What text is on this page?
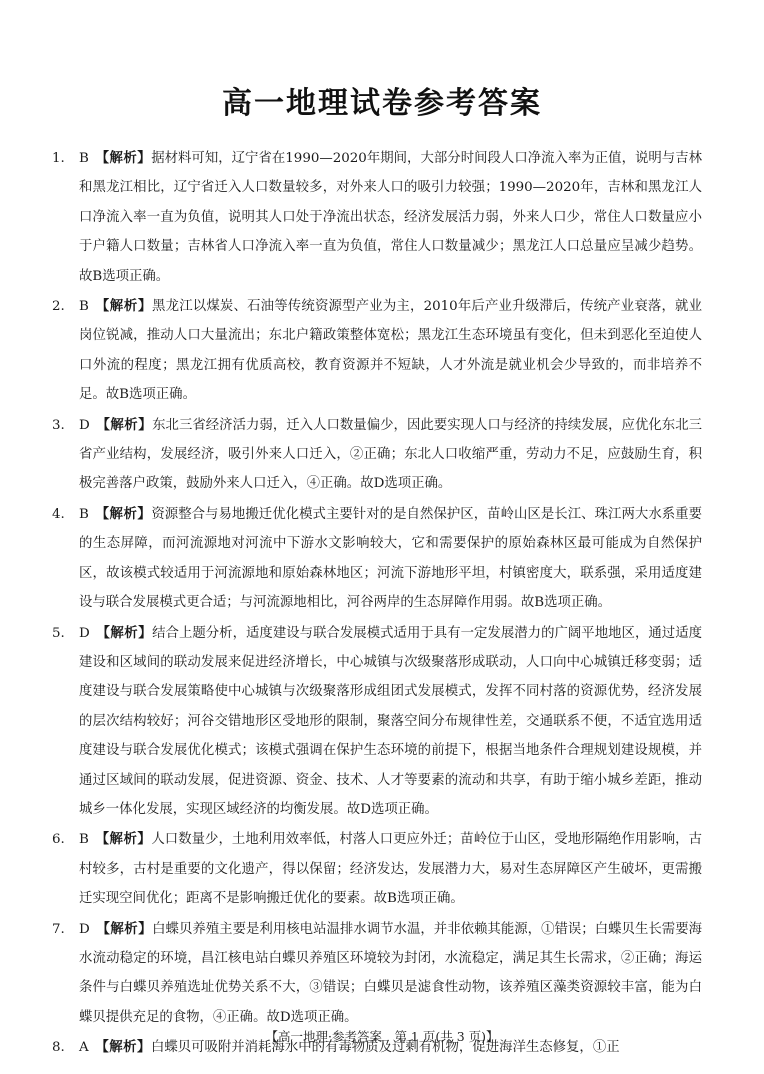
高一地理试卷参考答案

1. B  【解析】据材料可知，辽宁省在1990—2020年期间，大部分时间段人口净流入率为正值，说明与吉林和黑龙江相比，辽宁省迁入人口数量较多，对外来人口的吸引力较强；1990—2020年，吉林和黑龙江人口净流入率一直为负值，说明其人口处于净流出状态，经济发展活力弱，外来人口少，常住人口数量应小于户籍人口数量；吉林省人口净流入率一直为负值，常住人口数量减少；黑龙江人口总量应呈减少趋势。故B选项正确。

2. B  【解析】黑龙江以煤炭、石油等传统资源型产业为主，2010年后产业升级滞后，传统产业衰落，就业岗位锐减，推动人口大量流出；东北户籍政策整体宽松；黑龙江生态环境虽有变化，但未到恶化至迫使人口外流的程度；黑龙江拥有优质高校，教育资源并不短缺，人才外流是就业机会少导致的，而非培养不足。故B选项正确。

3. D  【解析】东北三省经济活力弱，迁入人口数量偏少，因此要实现人口与经济的持续发展，应优化东北三省产业结构，发展经济，吸引外来人口迁入，②正确；东北人口收缩严重，劳动力不足，应鼓励生育，积极完善落户政策，鼓励外来人口迁入，④正确。故D选项正确。

4. B  【解析】资源整合与易地搬迁优化模式主要针对的是自然保护区，苗岭山区是长江、珠江两大水系重要的生态屏障，而河流源地对河流中下游水文影响较大，它和需要保护的原始森林区最可能成为自然保护区，故该模式较适用于河流源地和原始森林地区；河流下游地形平坦，村镇密度大，联系强，采用适度建设与联合发展模式更合适；与河流源地相比，河谷两岸的生态屏障作用弱。故B选项正确。

5. D  【解析】结合上题分析，适度建设与联合发展模式适用于具有一定发展潜力的广阔平地地区，通过适度建设和区域间的联动发展来促进经济增长，中心城镇与次级聚落形成联动，人口向中心城镇迁移变弱；适度建设与联合发展策略使中心城镇与次级聚落形成组团式发展模式，发挥不同村落的资源优势，经济发展的层次结构较好；河谷交错地形区受地形的限制，聚落空间分布规律性差，交通联系不便，不适宜选用适度建设与联合发展优化模式；该模式强调在保护生态环境的前提下，根据当地条件合理规划建设规模，并通过区域间的联动发展，促进资源、资金、技术、人才等要素的流动和共享，有助于缩小城乡差距，推动城乡一体化发展，实现区域经济的均衡发展。故D选项正确。

6. B  【解析】人口数量少，土地利用效率低，村落人口更应外迁；苗岭位于山区，受地形隔绝作用影响，古村较多，古村是重要的文化遗产，得以保留；经济发达，发展潜力大，易对生态屏障区产生破坏，更需搬迁实现空间优化；距离不是影响搬迁优化的要素。故B选项正确。

7. D  【解析】白蝶贝养殖主要是利用核电站温排水调节水温，并非依赖其能源，①错误；白蝶贝生长需要海水流动稳定的环境，昌江核电站白蝶贝养殖区环境较为封闭，水流稳定，满足其生长需求，②正确；海运条件与白蝶贝养殖选址优势关系不大，③错误；白蝶贝是滤食性动物，该养殖区藻类资源较丰富，能为白蝶贝提供充足的食物，④正确。故D选项正确。

8. A  【解析】白蝶贝可吸附并消耗海水中的有毒物质及过剩有机物，促进海洋生态修复，①正

【高一地理·参考答案　第 1 页(共 3 页)】
